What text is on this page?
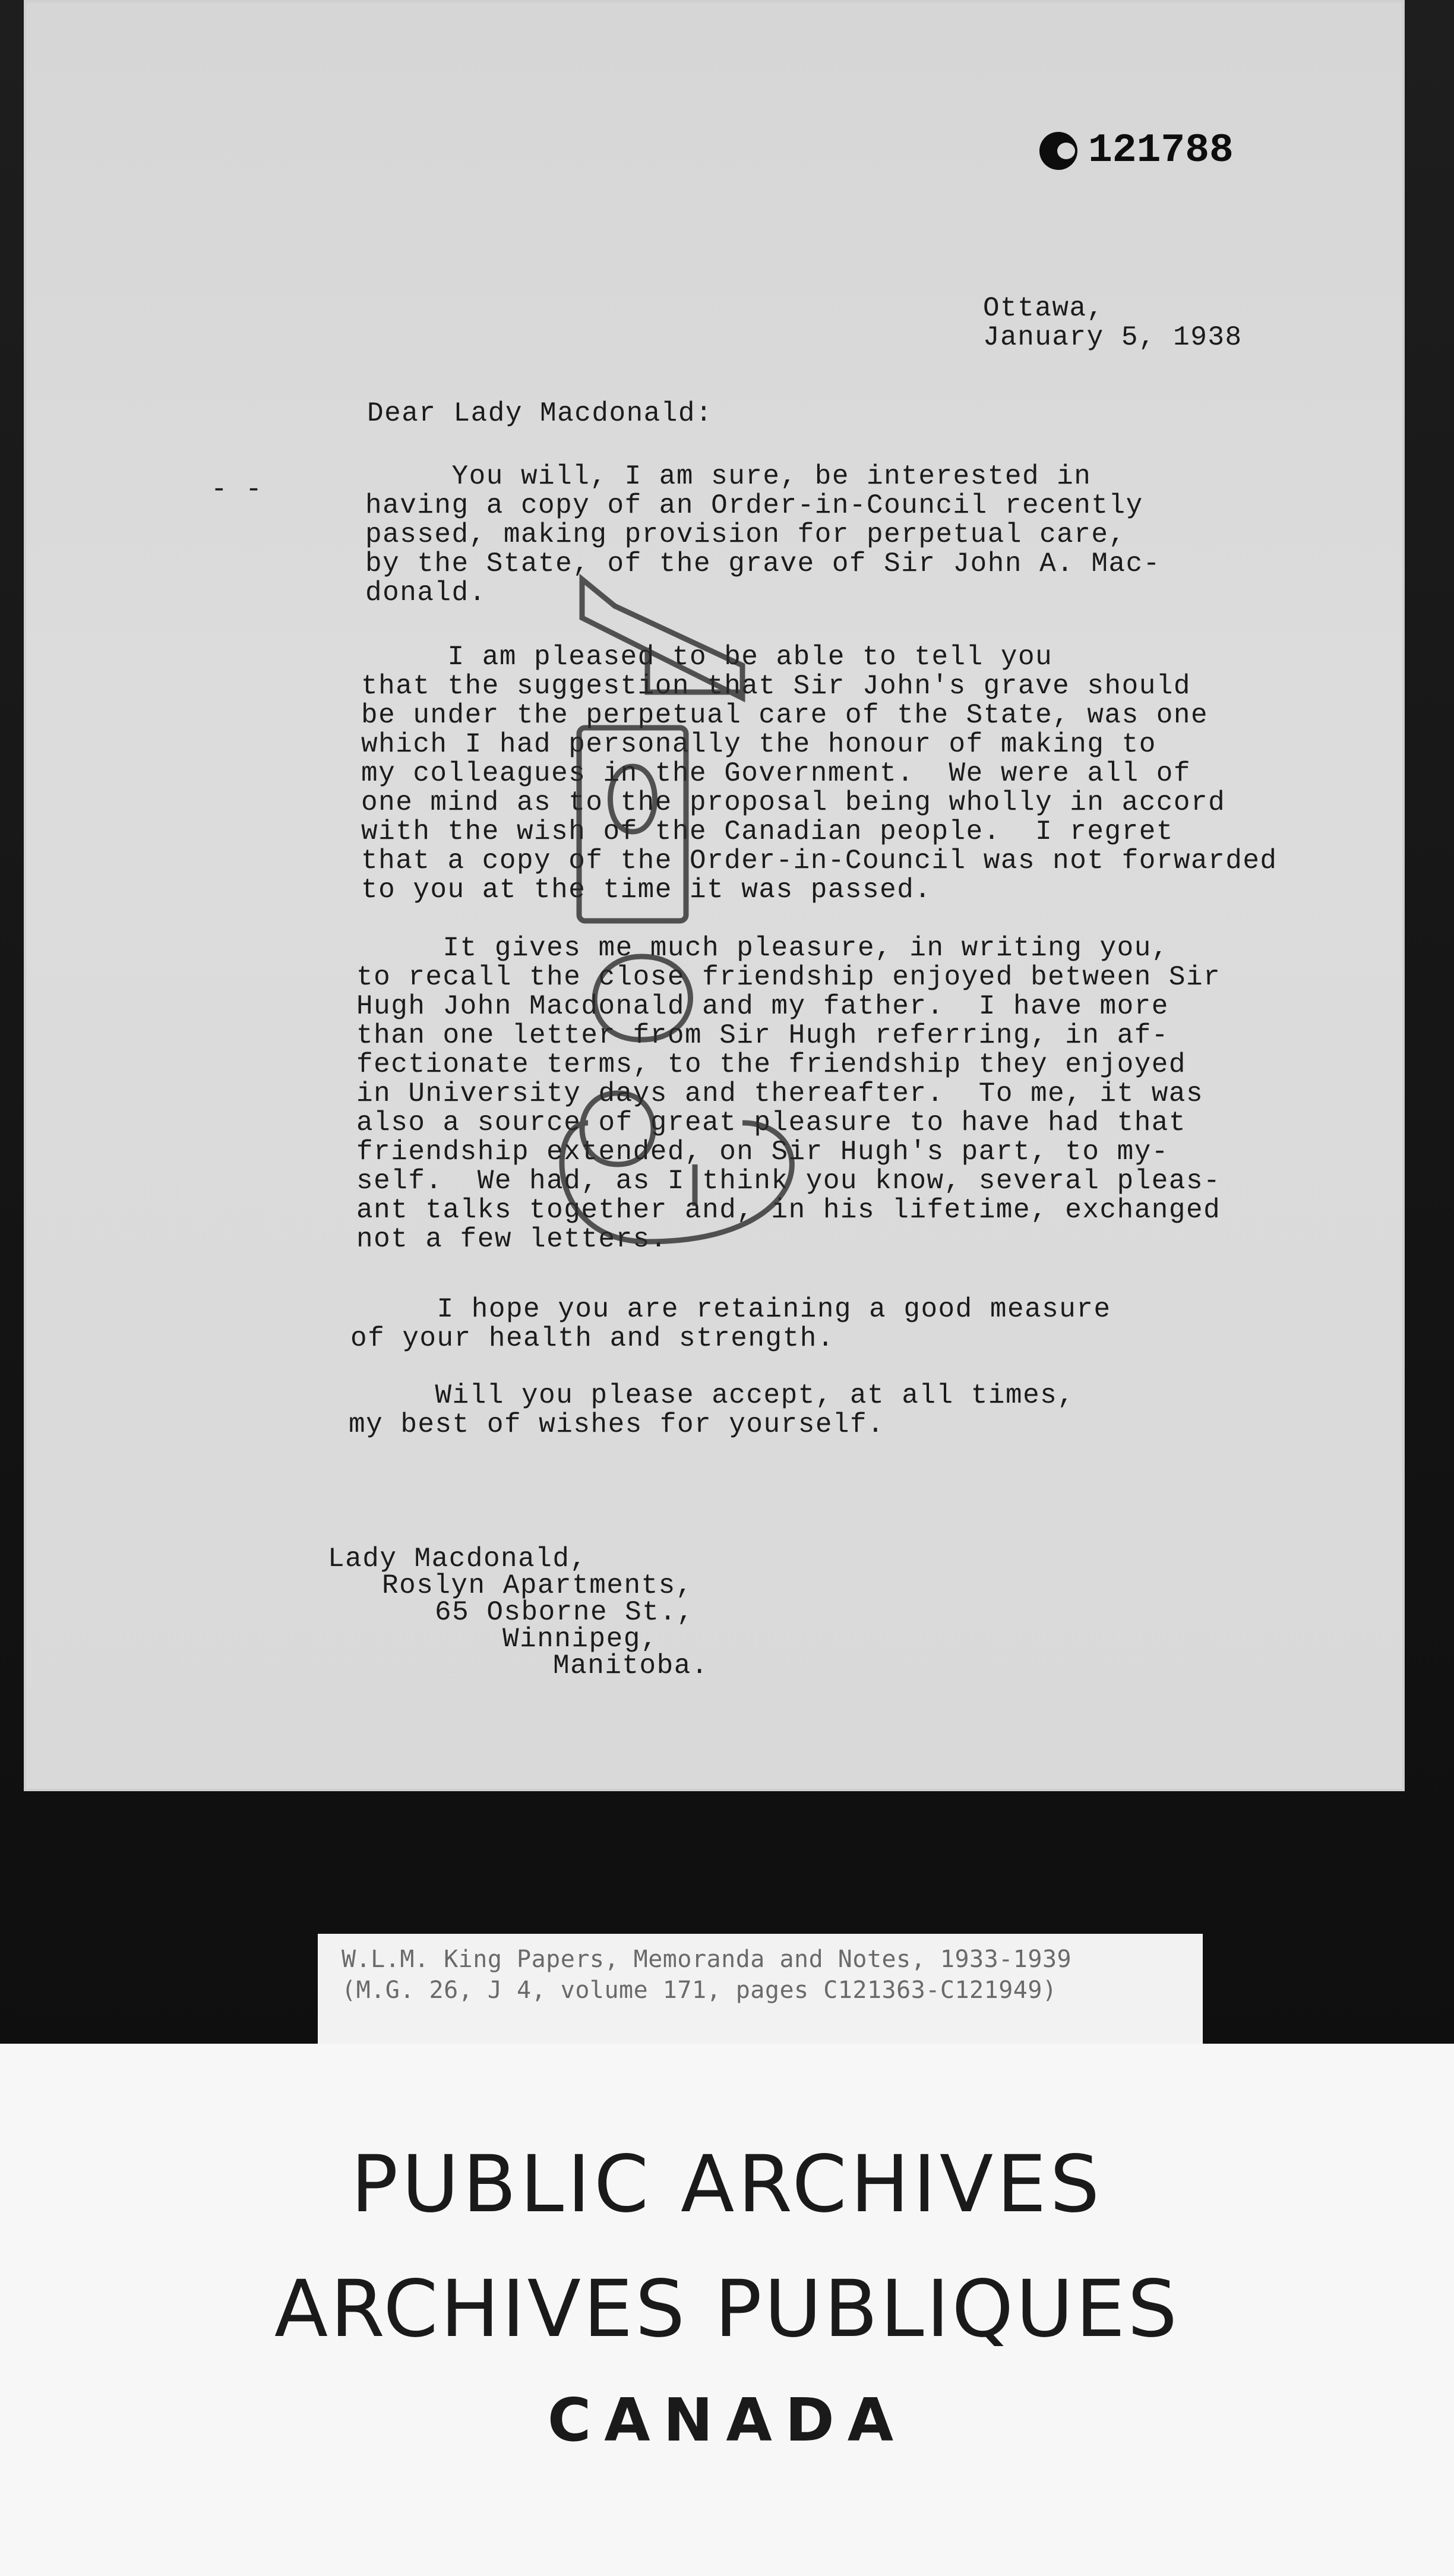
121788
Ottawa,
January 5, 1938
Dear Lady Macdonald:
- -	You will, I am sure, be interested in
having a copy of an Order-in-Council recently
passed, making provision for perpetual care,
by the State, of the grave of Sir John A. Mac-
donald.
I am pleased to be able to tell you
that the suggestion that Sir John's grave should
be under the perpetual care of the State, was one
which I had personally the honour of making to
my colleagues in the Government.  We were all of
one mind as to the proposal being wholly in accord
with the wish of the Canadian people.  I regret
that a copy of the Order-in-Council was not forwarded
to you at the time it was passed.
It gives me much pleasure, in writing you,
to recall the close friendship enjoyed between Sir
Hugh John Macdonald and my father.  I have more
than one letter from Sir Hugh referring, in af-
fectionate terms, to the friendship they enjoyed
in University days and thereafter.  To me, it was
also a source of great pleasure to have had that
friendship extended, on Sir Hugh's part, to my-
self.  We had, as I think you know, several pleas-
ant talks together and, in his lifetime, exchanged
not a few letters.
I hope you are retaining a good measure
of your health and strength.
Will you please accept, at all times,
my best of wishes for yourself.
Lady Macdonald,
Roslyn Apartments,
65 Osborne St.,
Winnipeg,
Manitoba.
W.L.M. King Papers, Memoranda and Notes, 1933-1939
(M.G. 26, J 4, volume 171, pages C121363-C121949)
PUBLIC ARCHIVES
ARCHIVES PUBLIQUES
CANADA
